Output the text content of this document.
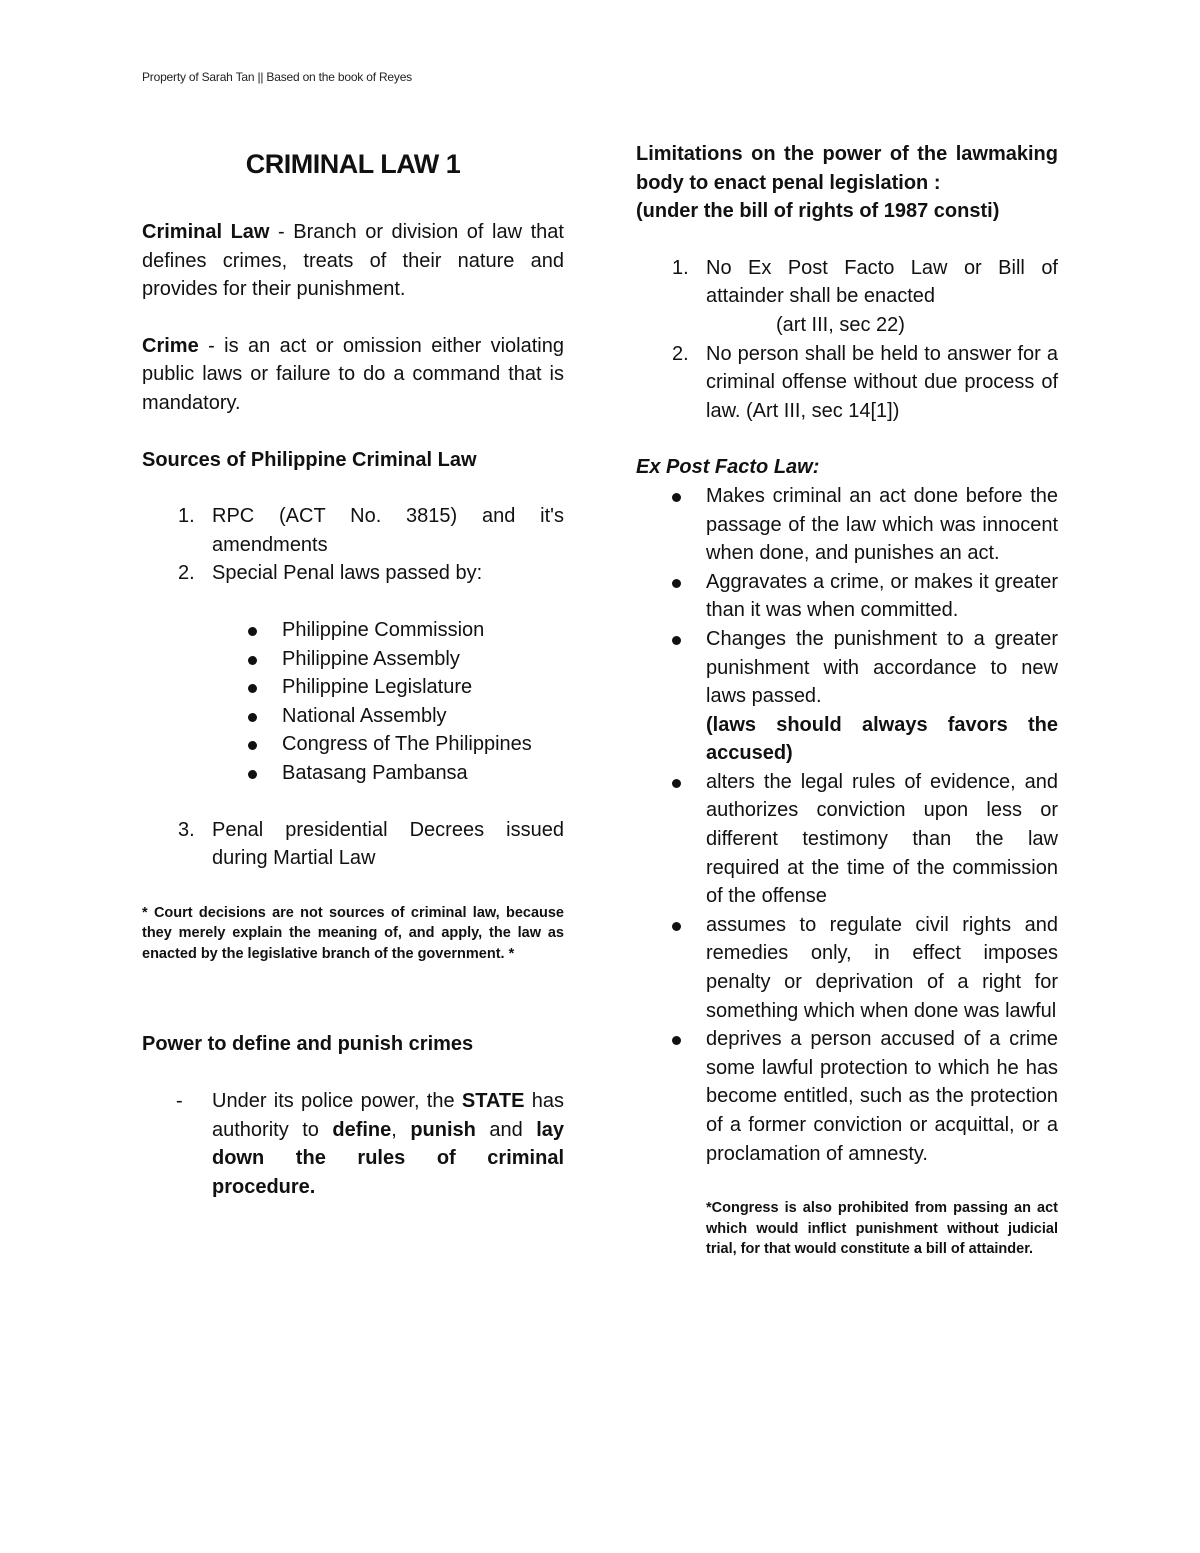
Property of Sarah Tan || Based on the book of Reyes

CRIMINAL LAW 1

Criminal Law - Branch or division of law that defines crimes, treats of their nature and provides for their punishment.

Crime - is an act or omission either violating public laws or failure to do a command that is mandatory.

Sources of Philippine Criminal Law

1. RPC (ACT No. 3815) and it's amendments
2. Special Penal laws passed by:
Philippine Commission
Philippine Assembly
Philippine Legislature
National Assembly
Congress of The Philippines
Batasang Pambansa
3. Penal presidential Decrees issued during Martial Law

* Court decisions are not sources of criminal law, because they merely explain the meaning of, and apply, the law as enacted by the legislative branch of the government. *

Power to define and punish crimes

- Under its police power, the STATE has authority to define, punish and lay down the rules of criminal procedure.

Limitations on the power of the lawmaking body to enact penal legislation :

(under the bill of rights of 1987 consti)

1. No Ex Post Facto Law or Bill of attainder shall be enacted
(art III, sec 22)
2. No person shall be held to answer for a criminal offense without due process of law. (Art III, sec 14[1])

Ex Post Facto Law:

Makes criminal an act done before the passage of the law which was innocent when done, and punishes an act.
Aggravates a crime, or makes it greater than it was when committed.
Changes the punishment to a greater punishment with accordance to new laws passed.
(laws should always favors the accused)
alters the legal rules of evidence, and authorizes conviction upon less or different testimony than the law required at the time of the commission of the offense
assumes to regulate civil rights and remedies only, in effect imposes penalty or deprivation of a right for something which when done was lawful
deprives a person accused of a crime some lawful protection to which he has become entitled, such as the protection of a former conviction or acquittal, or a proclamation of amnesty.

*Congress is also prohibited from passing an act which would inflict punishment without judicial trial, for that would constitute a bill of attainder.
